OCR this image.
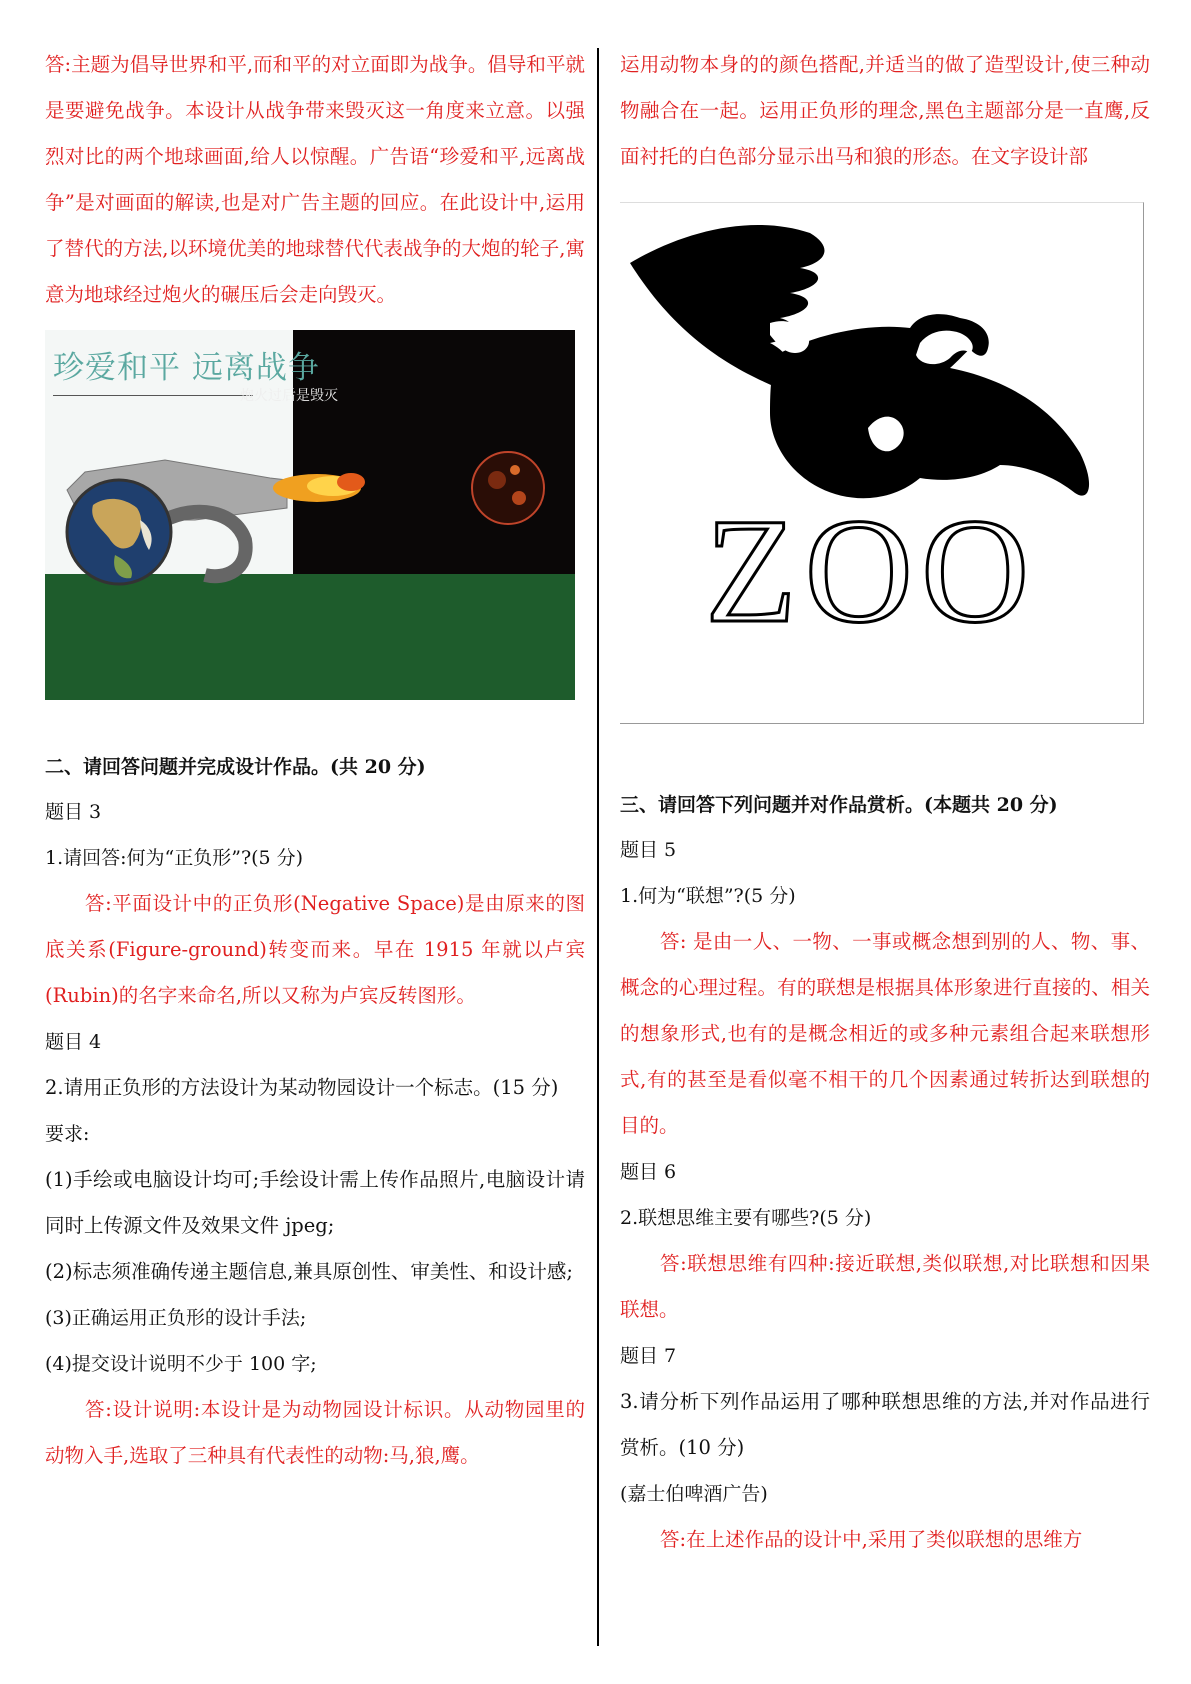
答:主题为倡导世界和平,而和平的对立面即为战争。倡导和平就是要避免战争。本设计从战争带来毁灭这一角度来立意。以强烈对比的两个地球画面,给人以惊醒。广告语“珍爱和平,远离战争”是对画面的解读,也是对广告主题的回应。在此设计中,运用了替代的方法,以环境优美的地球替代代表战争的大炮的轮子,寓意为地球经过炮火的碾压后会走向毁灭。

珍爱和平 远离战争
炮火过后是毁灭

二、请回答问题并完成设计作品。(共 20 分)

题目 3

1.请回答:何为“正负形”?(5 分)

答:平面设计中的正负形(Negative Space)是由原来的图底关系(Figure-ground)转变而来。早在 1915 年就以卢宾(Rubin)的名字来命名,所以又称为卢宾反转图形。

题目 4

2.请用正负形的方法设计为某动物园设计一个标志。(15 分)

要求:

(1)手绘或电脑设计均可;手绘设计需上传作品照片,电脑设计请同时上传源文件及效果文件 jpeg;

(2)标志须准确传递主题信息,兼具原创性、审美性、和设计感;

(3)正确运用正负形的设计手法;

(4)提交设计说明不少于 100 字;

答:设计说明:本设计是为动物园设计标识。从动物园里的动物入手,选取了三种具有代表性的动物:马,狼,鹰。

运用动物本身的的颜色搭配,并适当的做了造型设计,使三种动物融合在一起。运用正负形的理念,黑色主题部分是一直鹰,反面衬托的白色部分显示出马和狼的形态。在文字设计部

ZOO

三、请回答下列问题并对作品赏析。(本题共 20 分)

题目 5

1.何为“联想”?(5 分)

答: 是由一人、一物、一事或概念想到别的人、物、事、概念的心理过程。有的联想是根据具体形象进行直接的、相关的想象形式,也有的是概念相近的或多种元素组合起来联想形式,有的甚至是看似毫不相干的几个因素通过转折达到联想的目的。

题目 6

2.联想思维主要有哪些?(5 分)

答:联想思维有四种:接近联想,类似联想,对比联想和因果联想。

题目 7

3.请分析下列作品运用了哪种联想思维的方法,并对作品进行赏析。(10 分)

(嘉士伯啤酒广告)

答:在上述作品的设计中,采用了类似联想的思维方
